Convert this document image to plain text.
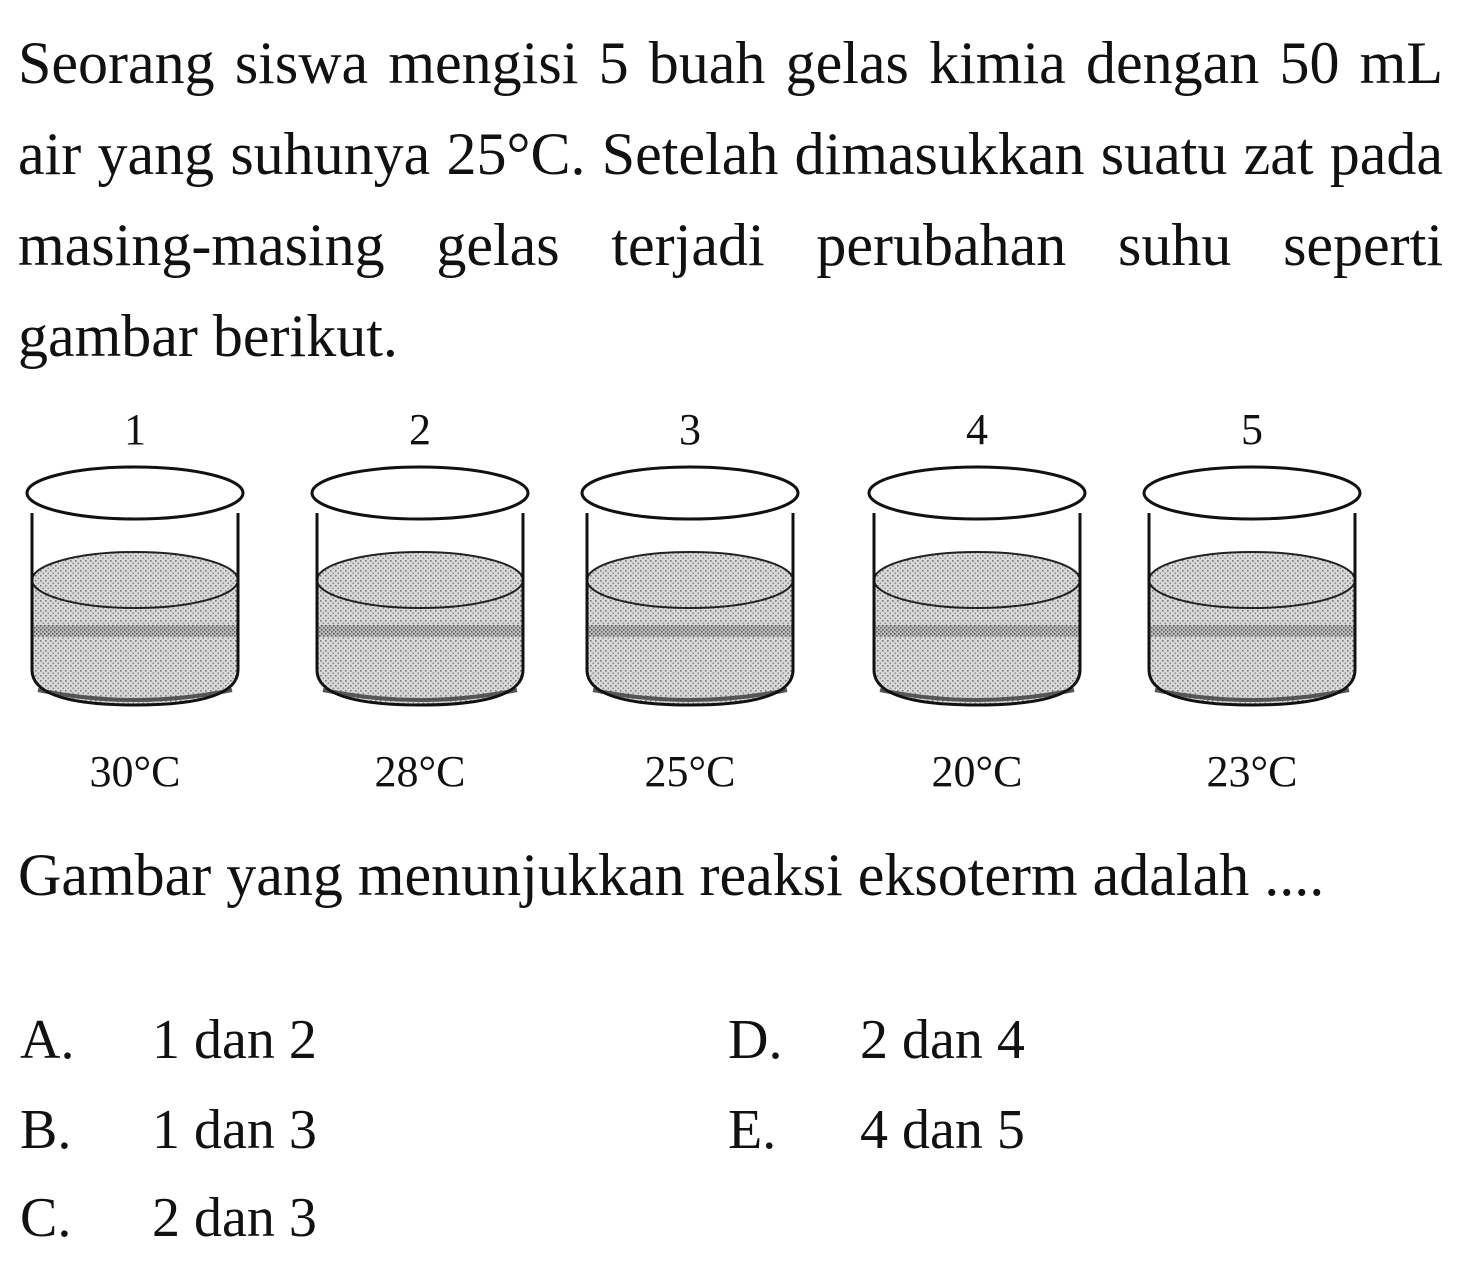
Seorang siswa mengisi 5 buah gelas kimia dengan 50 mL air yang suhunya 25°C. Setelah dimasukkan suatu zat pada masing-masing gelas terjadi perubahan suhu seperti gambar berikut.

1
30°C
2
28°C
3
25°C
4
20°C
5
23°C

Gambar yang menunjukkan reaksi eksoterm adalah ....

A. 1 dan 2
B. 1 dan 3
C. 2 dan 3
D. 2 dan 4
E. 4 dan 5
